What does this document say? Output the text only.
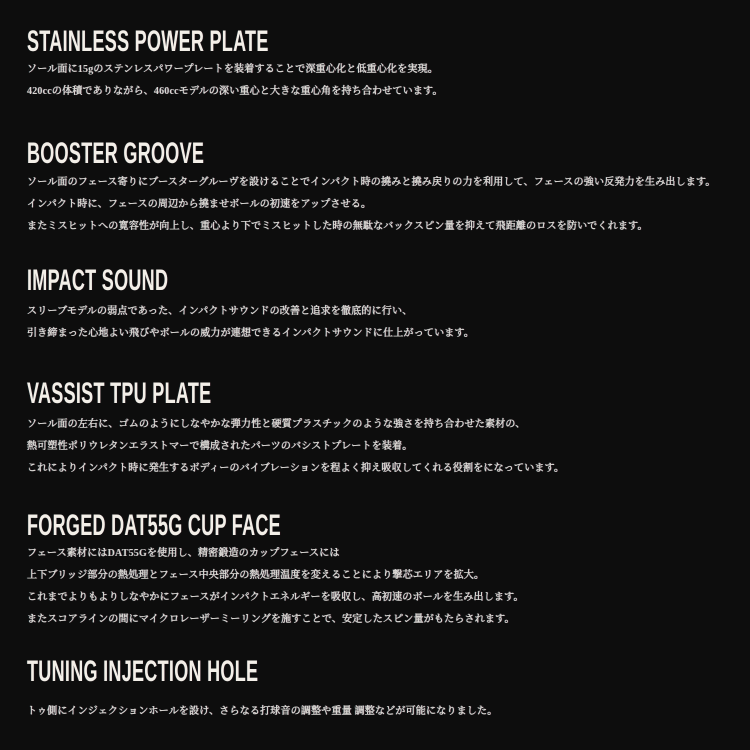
STAINLESS POWER PLATE
ソール面に15gのステンレスパワープレートを装着することで深重心化と低重心化を実現。
420ccの体積でありながら、460ccモデルの深い重心と大きな重心角を持ち合わせています。
BOOSTER GROOVE
ソール面のフェース寄りにブースターグルーヴを設けることでインパクト時の撓みと撓み戻りの力を利用して、フェースの強い反発力を生み出します。
インパクト時に、フェースの周辺から撓ませボールの初速をアップさせる。
またミスヒットへの寛容性が向上し、重心より下でミスヒットした時の無駄なバックスピン量を抑えて飛距離のロスを防いでくれます。
IMPACT SOUND
スリーブモデルの弱点であった、インパクトサウンドの改善と追求を徹底的に行い、
引き締まった心地よい飛びやボールの威力が連想できるインパクトサウンドに仕上がっています。
VASSIST TPU PLATE
ソール面の左右に、ゴムのようにしなやかな弾力性と硬質プラスチックのような強さを持ち合わせた素材の、
熱可塑性ポリウレタンエラストマーで構成されたパーツのバシストプレートを装着。
これによりインパクト時に発生するボディーのバイブレーションを程よく抑え吸収してくれる役割をになっています。
FORGED DAT55G CUP FACE
フェース素材にはDAT55Gを使用し、精密鍛造のカップフェースには
上下ブリッジ部分の熱処理とフェース中央部分の熱処理温度を変えることにより撃芯エリアを拡大。
これまでよりもよりしなやかにフェースがインパクトエネルギーを吸収し、高初速のボールを生み出します。
またスコアラインの間にマイクロレーザーミーリングを施すことで、安定したスピン量がもたらされます。
TUNING INJECTION HOLE
トゥ側にインジェクションホールを設け、さらなる打球音の調整や重量 調整などが可能になりました。
